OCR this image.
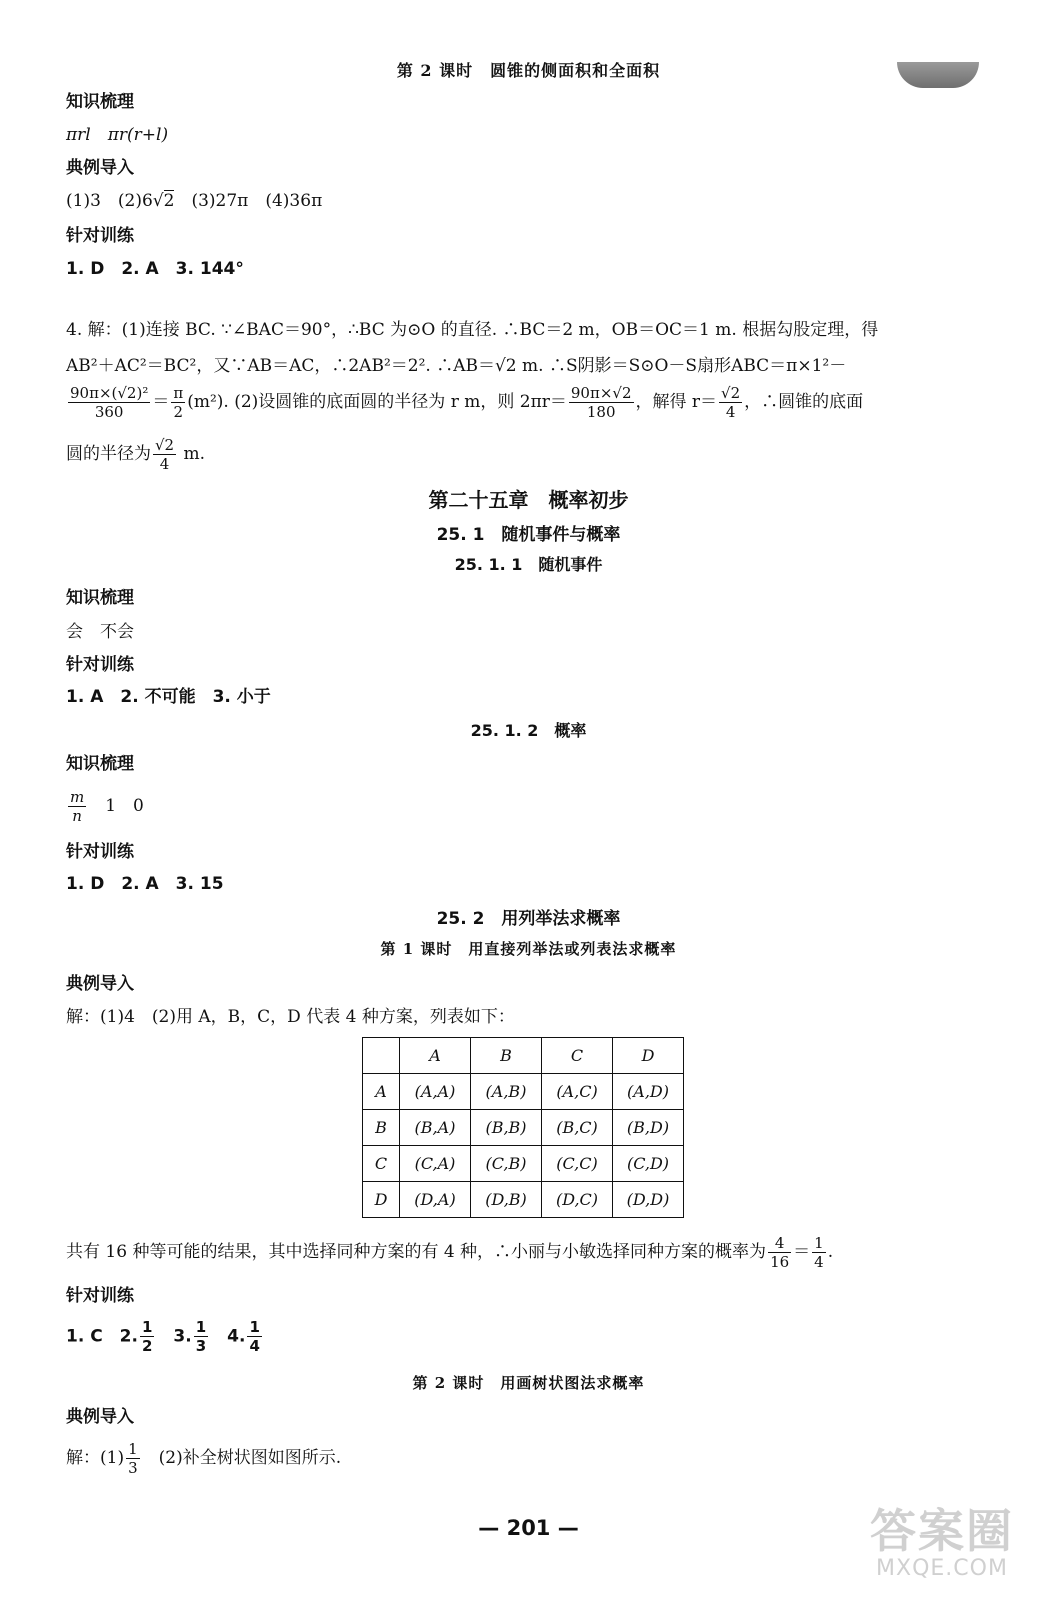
第 2 课时　圆锥的侧面积和全面积
知识梳理
πrl　πr(r+l)
典例导入
(1)3　(2)6√2　(3)27π　(4)36π
针对训练
1. D　2. A　3. 144°
4. 解：(1)连接 BC. ∵∠BAC＝90°，∴BC 为⊙O 的直径. ∴BC＝2 m，OB＝OC＝1 m. 根据勾股定理，得
AB²＋AC²＝BC²，又∵AB＝AC，∴2AB²＝2². ∴AB＝√2 m. ∴S阴影＝S⊙O－S扇形ABC＝π×1²－
$\frac{\text{90π×(√2)²}}{360} = \frac{\pi}{2} (m^2)$. (2)设圆锥的底面圆的半径为 r m，则 $2\pi r= \frac{90\pi\times√2}{180}$ ，解得 $r= \frac{√2}{4}$ ，∴圆锥的底面
圆的半径为 $\frac{√2}{4} m$.
第二十五章　概率初步
25. 1　随机事件与概率
25. 1. 1　随机事件
知识梳理
会　不会
针对训练
1. A　2. 不可能　3. 小于
25. 1. 2　概率
知识梳理
$\frac{m}{n}$ 　1　0
针对训练
1. D　2. A　3. 15
25. 2　用列举法求概率
第 1 课时　用直接列举法或列表法求概率
典例导入
解：(1)4　(2)用 A，B，C，D 代表 4 种方案，列表如下：
	A	B	C	D
A	(A,A)	(A,B)	(A,C)	(A,D)
B	(B,A)	(B,B)	(B,C)	(B,D)
C	(C,A)	(C,B)	(C,C)	(C,D)
D	(D,A)	(D,B)	(D,C)	(D,D)
共有 16 种等可能的结果，其中选择同种方案的有 4 种，∴小丽与小敏选择同种方案的概率为 $\frac{4}{16} = \frac{1}{4}$ .
针对训练
1. C　2. $\frac{1}{2}$ 　3. $\frac{1}{3}$ 　4. $\frac{1}{4}$
第 2 课时　用画树状图法求概率
典例导入
解：$(1) \frac{1}{3}$ 　(2)补全树状图如图所示.
— 201 —	答案圈
MXQE.COM
